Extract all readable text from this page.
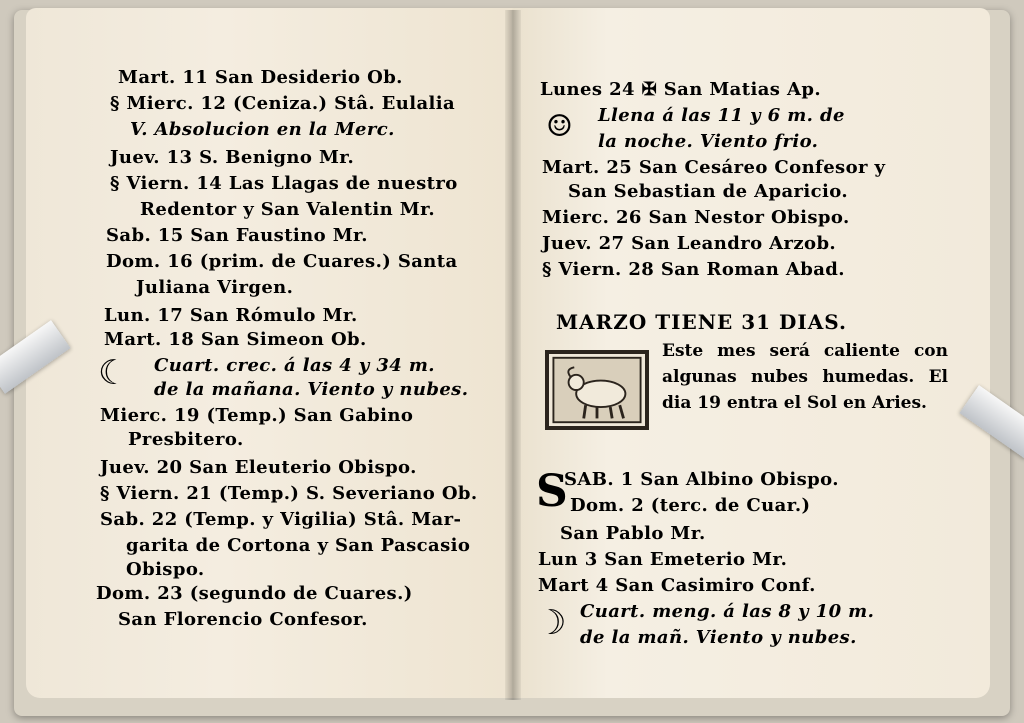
Mart. 11 San Desiderio Ob.
§ Mierc. 12 (Ceniza.) Stâ. Eulalia
V. Absolucion en la Merc.
Juev. 13 S. Benigno Mr.
§ Viern. 14 Las Llagas de nuestro
Redentor y San Valentin Mr.
Sab. 15 San Faustino Mr.
Dom. 16 (prim. de Cuares.) Santa
Juliana Virgen.
Lun. 17 San Rómulo Mr.
Mart. 18 San Simeon Ob.
☾ Cuart. crec. á las 4 y 34 m.
de la mañana. Viento y nubes.
Mierc. 19 (Temp.) San Gabino
Presbitero.
Juev. 20 San Eleuterio Obispo.
§ Viern. 21 (Temp.) S. Severiano Ob.
Sab. 22 (Temp. y Vigilia) Stâ. Mar-
garita de Cortona y San Pascasio
Obispo.
Dom. 23 (segundo de Cuares.)
San Florencio Confesor.
Lunes 24 ✠ San Matias Ap.
☺ Llena á las 11 y 6 m. de
la noche. Viento frio.
Mart. 25 San Cesáreo Confesor y
San Sebastian de Aparicio.
Mierc. 26 San Nestor Obispo.
Juev. 27 San Leandro Arzob.
§ Viern. 28 San Roman Abad.
MARZO TIENE 31 DIAS.
Este mes será caliente con algunas nubes humedas. El dia 19 entra el Sol en Aries.
S
SAB. 1 San Albino Obispo.
Dom. 2 (terc. de Cuar.)
San Pablo Mr.
Lun 3 San Emeterio Mr.
Mart 4 San Casimiro Conf.
☽ Cuart. meng. á las 8 y 10 m.
de la mañ. Viento y nubes.
